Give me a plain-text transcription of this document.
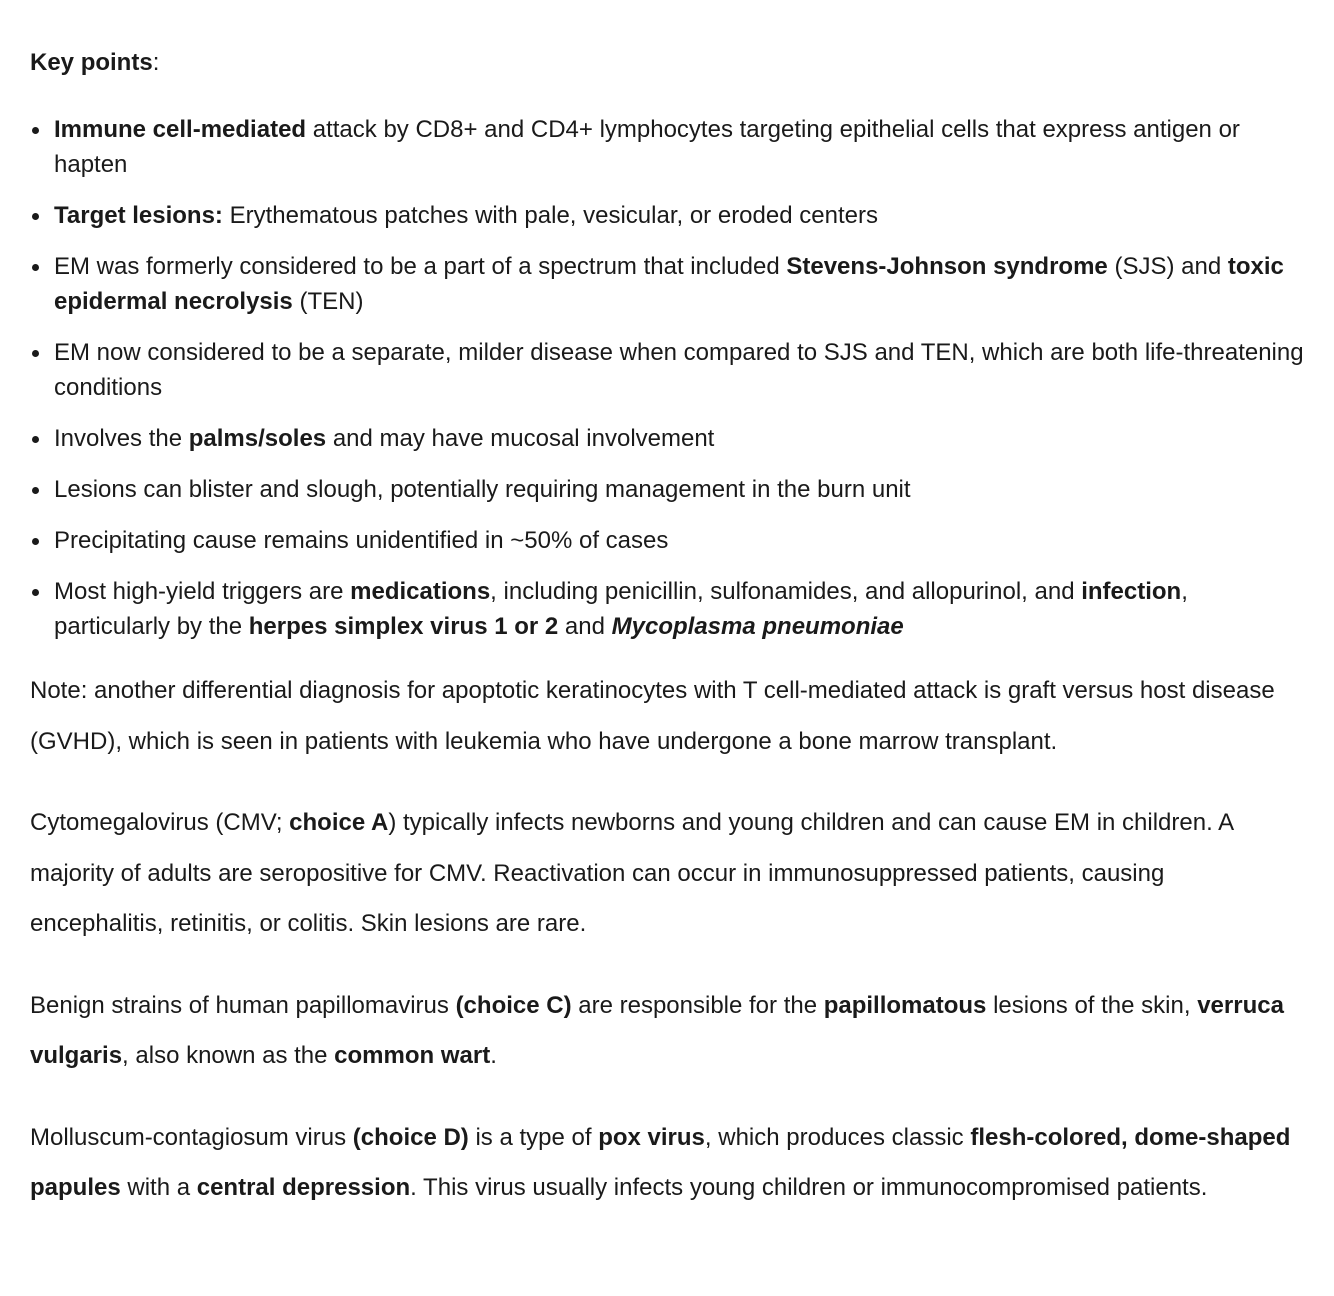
Key points:

Immune cell-mediated attack by CD8+ and CD4+ lymphocytes targeting epithelial cells that express antigen or hapten
Target lesions: Erythematous patches with pale, vesicular, or eroded centers
EM was formerly considered to be a part of a spectrum that included Stevens-Johnson syndrome (SJS) and toxic epidermal necrolysis (TEN)
EM now considered to be a separate, milder disease when compared to SJS and TEN, which are both life-threatening conditions
Involves the palms/soles and may have mucosal involvement
Lesions can blister and slough, potentially requiring management in the burn unit
Precipitating cause remains unidentified in ~50% of cases
Most high-yield triggers are medications, including penicillin, sulfonamides, and allopurinol, and infection, particularly by the herpes simplex virus 1 or 2 and Mycoplasma pneumoniae

Note: another differential diagnosis for apoptotic keratinocytes with T cell-mediated attack is graft versus host disease (GVHD), which is seen in patients with leukemia who have undergone a bone marrow transplant.

Cytomegalovirus (CMV; choice A) typically infects newborns and young children and can cause EM in children. A majority of adults are seropositive for CMV. Reactivation can occur in immunosuppressed patients, causing encephalitis, retinitis, or colitis. Skin lesions are rare.

Benign strains of human papillomavirus (choice C) are responsible for the papillomatous lesions of the skin, verruca vulgaris, also known as the common wart.

Molluscum-contagiosum virus (choice D) is a type of pox virus, which produces classic flesh-colored, dome-shaped papules with a central depression. This virus usually infects young children or immunocompromised patients.
